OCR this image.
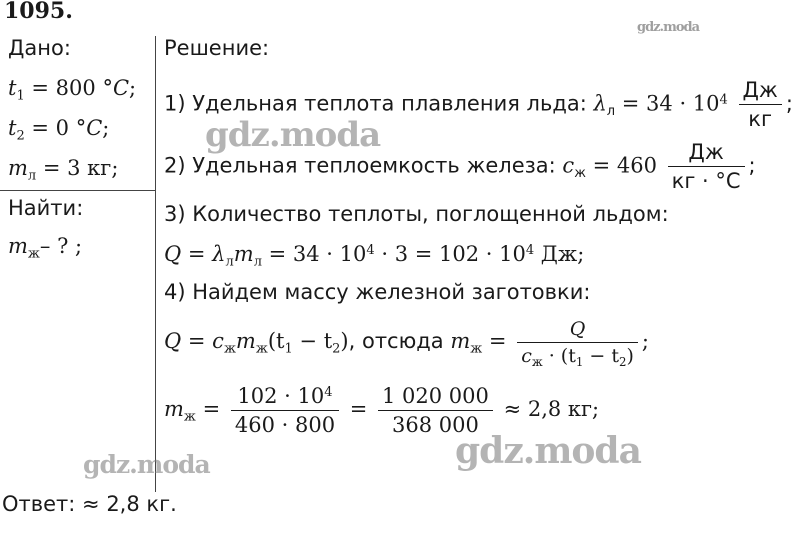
1095.
gdz.moda
Дано:
$t_1 = 800$ °C;
$t_2 = 0$ °C;
$m_л = 3$ кг;
Найти:
$m_ж-$ ? ;
Решение:
1) Удельная теплота плавления льда: $\lambda_л = 34 \cdot 10^4 \frac{Дж}{кг}$ ;
gdz.moda
2) Удельная теплоемкость железа: $c_ж = 460 \frac{Дж}{кг \cdot ^\circ C}$ ;
3) Количество теплоты, поглощенной льдом:
$Q = \lambda_лm_л = 34 \cdot 10^4 \cdot 3 = 102 \cdot 10^4$ Дж;
4) Найдем массу железной заготовки:
$Q = c_жm_ж(t_1 - t_2)$, отсюда $m_ж = \frac{Q}{c_ж \cdot (t_1 - t_2)}$ ;
$m_ж = \frac{102 \cdot 10^4}{460 \cdot 800} = \frac{1 020 000}{368 000} \approx 2,8$ кг;
gdz.moda
gdz.moda
Ответ: ≈ 2,8 кг.
